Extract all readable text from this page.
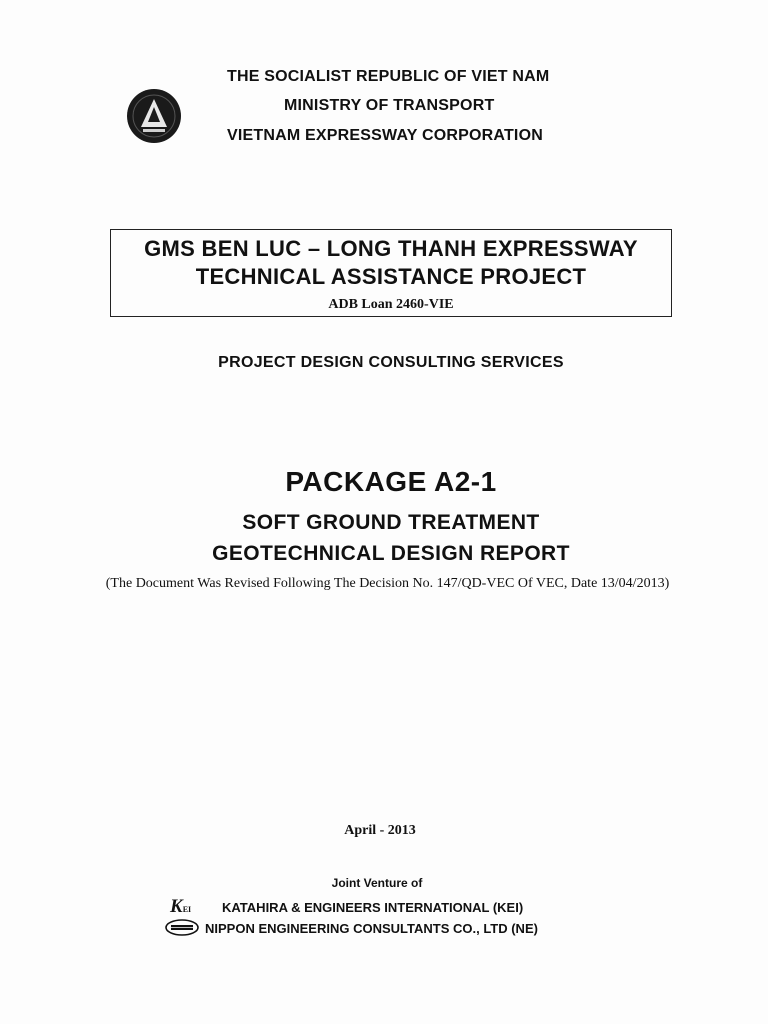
THE SOCIALIST REPUBLIC OF VIET NAM
MINISTRY OF TRANSPORT
VIETNAM EXPRESSWAY CORPORATION
GMS BEN LUC – LONG THANH EXPRESSWAY
TECHNICAL ASSISTANCE PROJECT
ADB Loan 2460-VIE
PROJECT DESIGN CONSULTING SERVICES
PACKAGE A2-1
SOFT GROUND TREATMENT
GEOTECHNICAL DESIGN REPORT
(The Document Was Revised Following The Decision No. 147/QD-VEC Of VEC, Date 13/04/2013)
April - 2013
Joint Venture of
KEI KATAHIRA & ENGINEERS INTERNATIONAL (KEI)
NIPPON ENGINEERING CONSULTANTS CO., LTD (NE)
